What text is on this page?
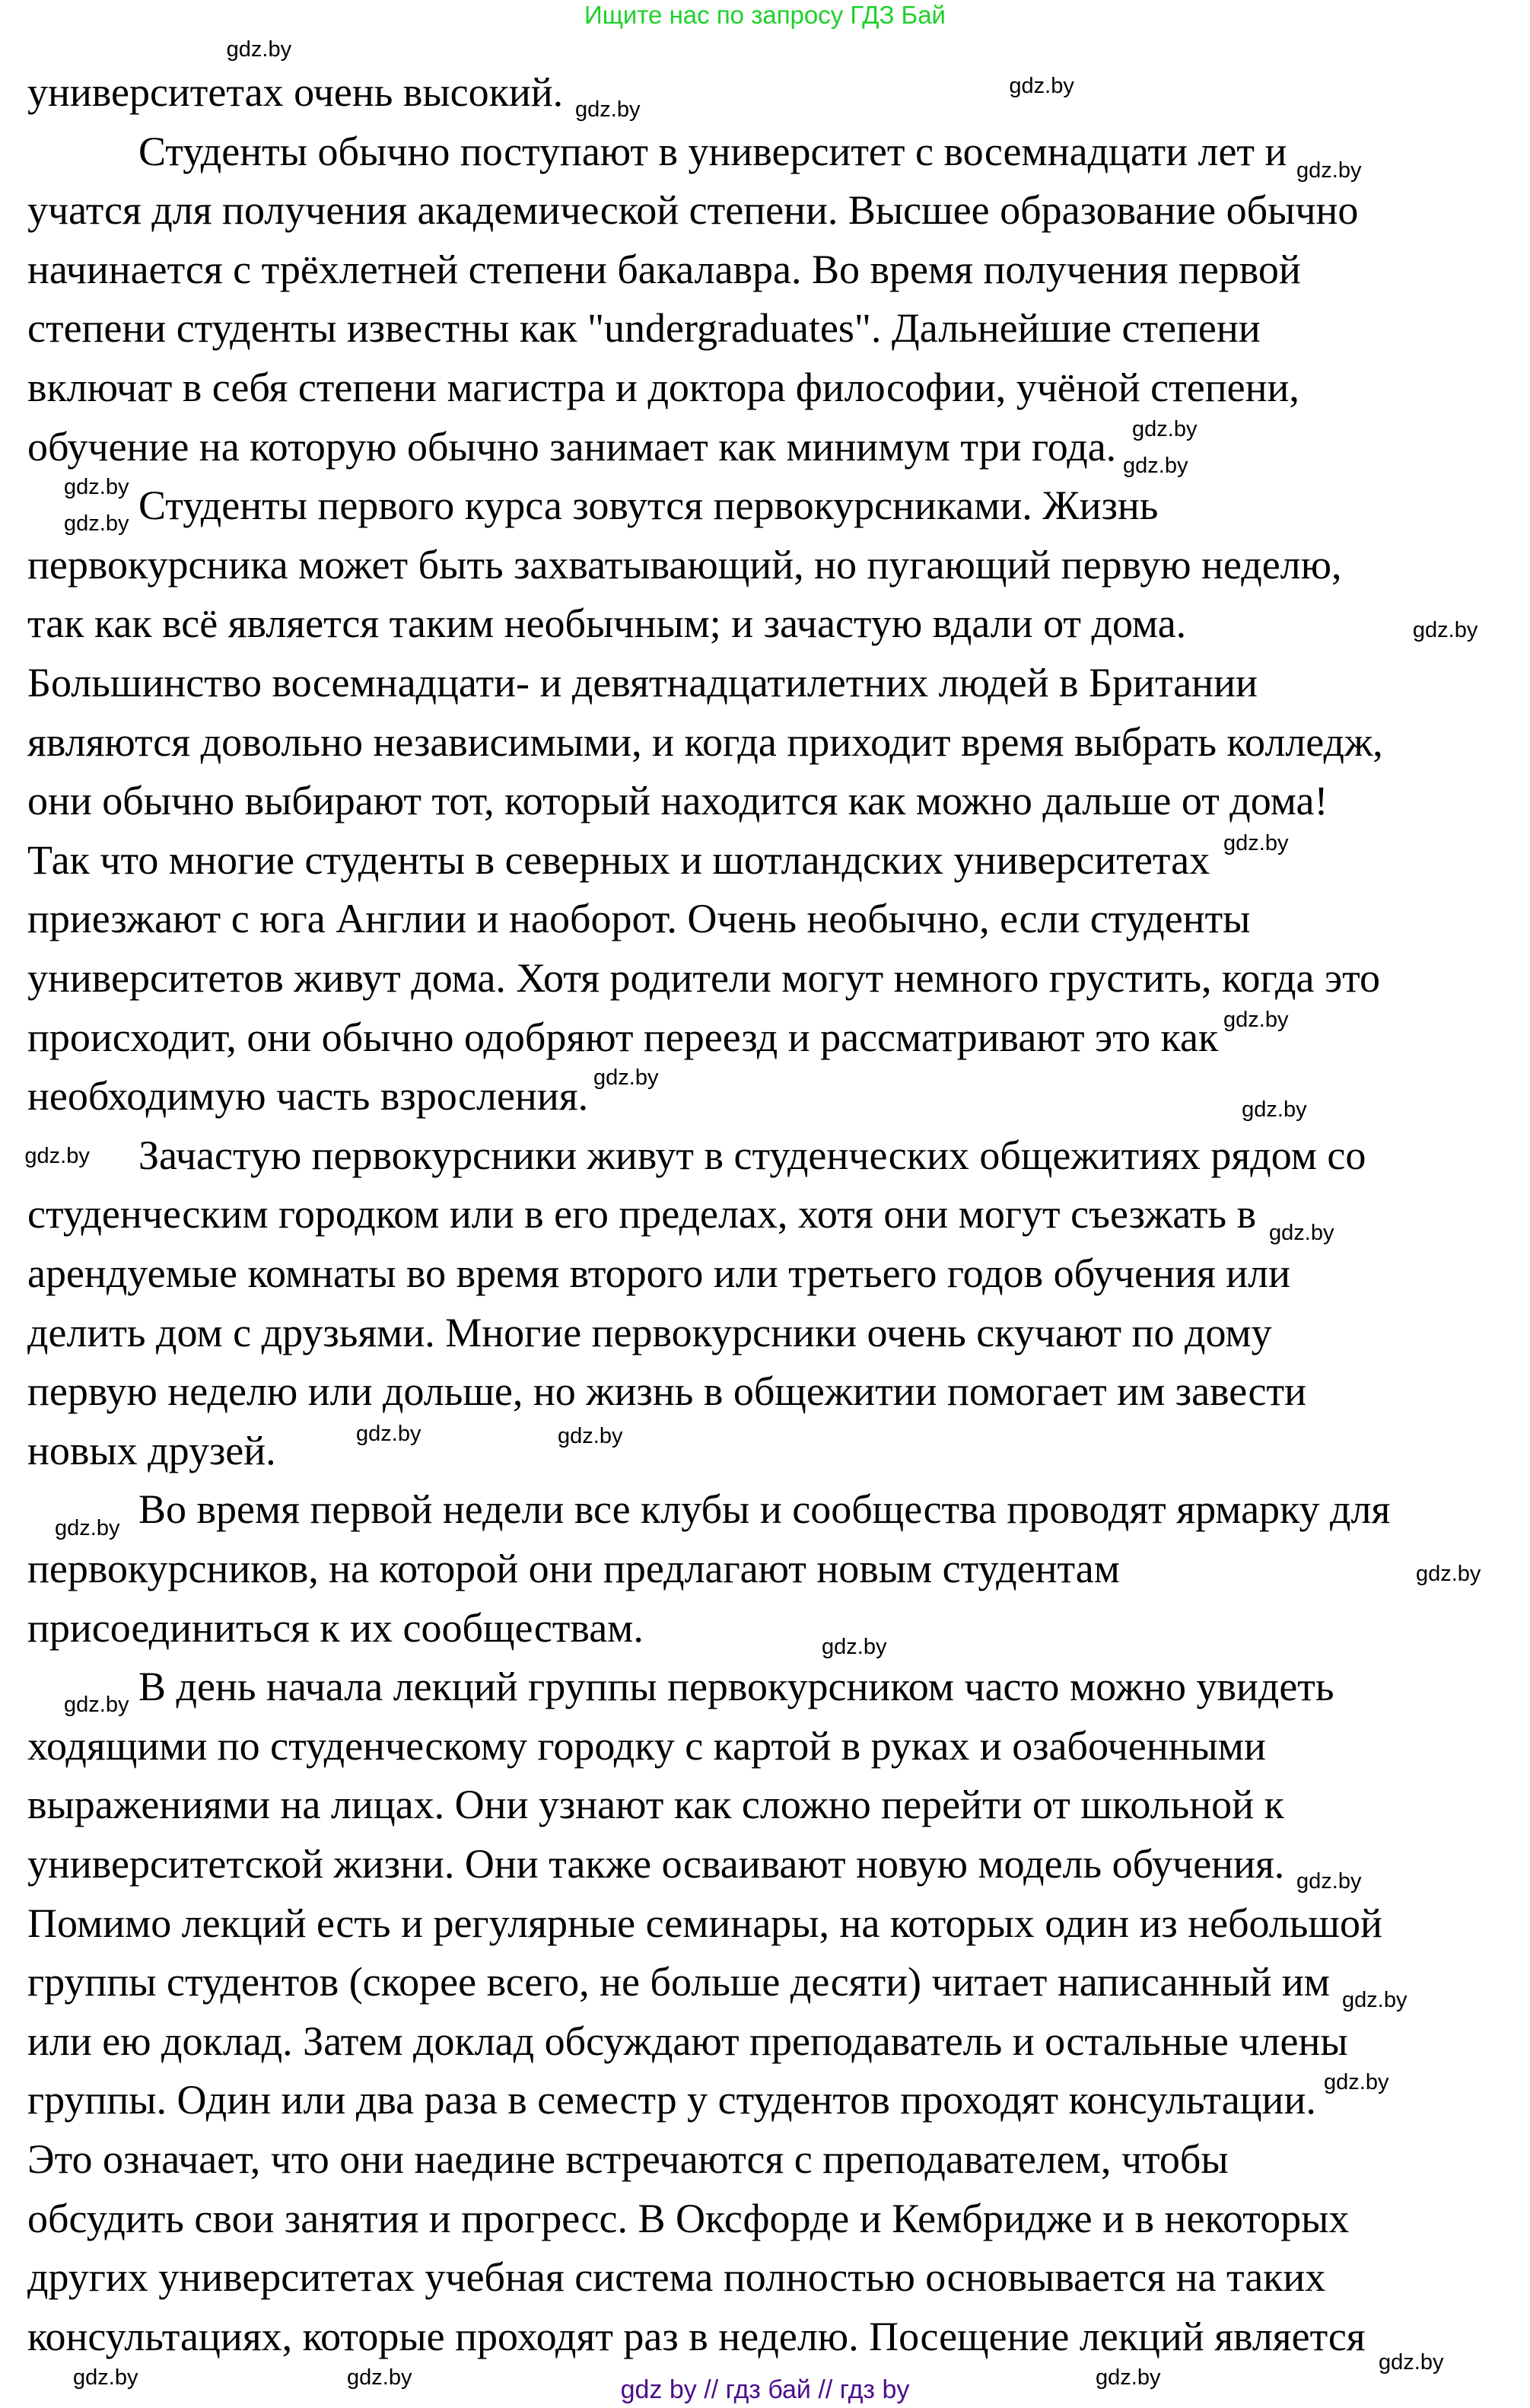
Ищите нас по запросу ГДЗ Бай
университетах очень высокий.
Студенты обычно поступают в университет с восемнадцати лет и
учатся для получения академической степени. Высшее образование обычно
начинается с трёхлетней степени бакалавра. Во время получения первой
степени студенты известны как "undergraduates". Дальнейшие степени
включат в себя степени магистра и доктора философии, учёной степени,
обучение на которую обычно занимает как минимум три года.
Студенты первого курса зовутся первокурсниками. Жизнь
первокурсника может быть захватывающий, но пугающий первую неделю,
так как всё является таким необычным; и зачастую вдали от дома.
Большинство восемнадцати- и девятнадцатилетних людей в Британии
являются довольно независимыми, и когда приходит время выбрать колледж,
они обычно выбирают тот, который находится как можно дальше от дома!
Так что многие студенты в северных и шотландских университетах
приезжают с юга Англии и наоборот. Очень необычно, если студенты
университетов живут дома. Хотя родители могут немного грустить, когда это
происходит, они обычно одобряют переезд и рассматривают это как
необходимую часть взросления.
Зачастую первокурсники живут в студенческих общежитиях рядом со
студенческим городком или в его пределах, хотя они могут съезжать в
арендуемые комнаты во время второго или третьего годов обучения или
делить дом с друзьями. Многие первокурсники очень скучают по дому
первую неделю или дольше, но жизнь в общежитии помогает им завести
новых друзей.
Во время первой недели все клубы и сообщества проводят ярмарку для
первокурсников, на которой они предлагают новым студентам
присоединиться к их сообществам.
В день начала лекций группы первокурсником часто можно увидеть
ходящими по студенческому городку с картой в руках и озабоченными
выражениями на лицах. Они узнают как сложно перейти от школьной к
университетской жизни. Они также осваивают новую модель обучения.
Помимо лекций есть и регулярные семинары, на которых один из небольшой
группы студентов (скорее всего, не больше десяти) читает написанный им
или ею доклад. Затем доклад обсуждают преподаватель и остальные члены
группы. Один или два раза в семестр у студентов проходят консультации.
Это означает, что они наедине встречаются с преподавателем, чтобы
обсудить свои занятия и прогресс. В Оксфорде и Кембридже и в некоторых
других университетах учебная система полностью основывается на таких
консультациях, которые проходят раз в неделю. Посещение лекций является
gdz.by
gdz.by
gdz.by
gdz.by
gdz.by
gdz.by
gdz.by
gdz.by
gdz.by
gdz.by
gdz.by
gdz.by
gdz.by
gdz.by
gdz.by
gdz.by	gdz.by
gdz.by
gdz.by
gdz.by
gdz.by
gdz.by
gdz.by
gdz.by
gdz.by	gdz.by	gdz.by
gdz.by
gdz by // гдз бай // гдз by
